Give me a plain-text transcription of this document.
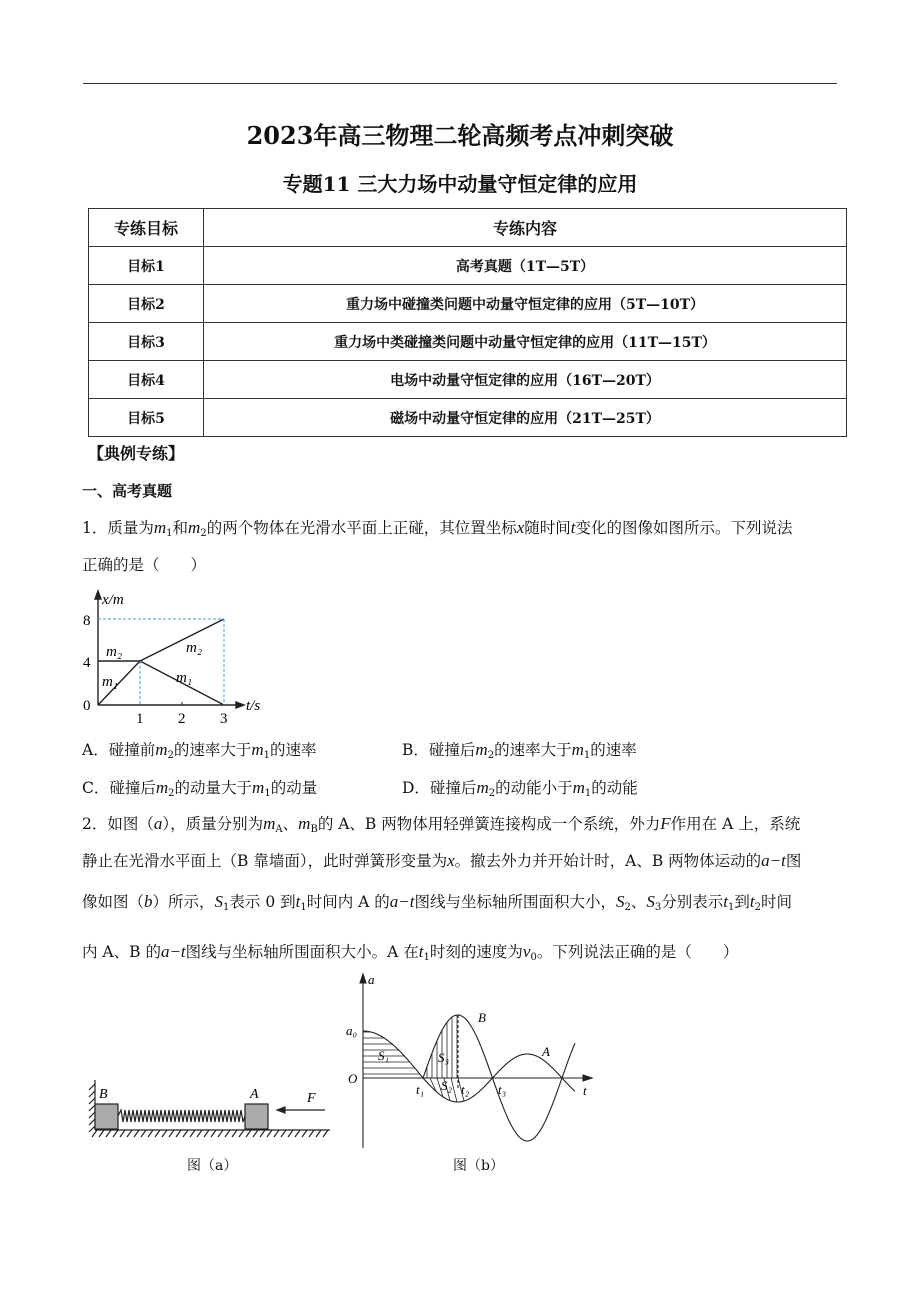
2023年高三物理二轮高频考点冲刺突破
专题11 三大力场中动量守恒定律的应用
专练目标	专练内容
目标1	高考真题（1T—5T）
目标2	重力场中碰撞类问题中动量守恒定律的应用（5T—10T）
目标3	重力场中类碰撞类问题中动量守恒定律的应用（11T—15T）
目标4	电场中动量守恒定律的应用（16T—20T）
目标5	磁场中动量守恒定律的应用（21T—25T）
【典例专练】
一、高考真题
x/m
t/s
8
4
0
1 2 3
m₂
m₁
m₂
m₁
B	A	F
图（a）
a
a₀
O
t
t₁	t₂ t₃
S₁
S₂
S₃	A
B
图（b）
1．质量为$m_1$和$m_2$的两个物体在光滑水平面上正碰，其位置坐标x随时间t变化的图像如图所示。下列说法
正确的是（　　）
A．碰撞前$m_2$的速率大于$m_1$的速率	B．碰撞后$m_2$的速率大于$m_1$的速率
C．碰撞后$m_2$的动量大于$m_1$的动量	D．碰撞后$m_2$的动能小于$m_1$的动能
2．如图（a），质量分别为$m_A$、$m_B$的 A、B 两物体用轻弹簧连接构成一个系统，外力F作用在 A 上，系统
静止在光滑水平面上（B 靠墙面），此时弹簧形变量为x。撤去外力并开始计时，A、B 两物体运动的a−t图
像如图（b）所示，$S_1$表示 0 到$t_1$时间内 A 的a−t图线与坐标轴所围面积大小，$S_2$、$S_3$分别表示$t_1$到$t_2$时间
内 A、B 的a−t图线与坐标轴所围面积大小。A 在$t_1$时刻的速度为$v_0$。下列说法正确的是（　　）
